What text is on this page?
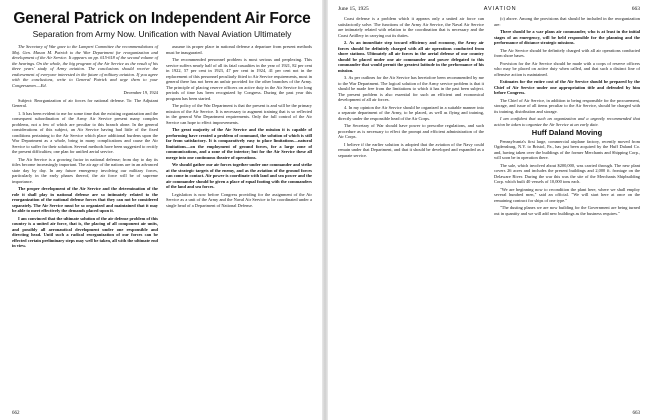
General Patrick on Independent Air Force
Separation from Army Now. Unification with Naval Aviation Ultimately

The Secretary of War gave to the Lampert Committee the recommendations of Maj. Gen. Mason M. Patrick to the War Department for reorganization and development of the Air Service. It appears on pp. 615-618 of the second volume of the hearings. On the whole, the big program of the Air Service as the result of his three years' study of Army aviation. The conclusions should receive the endorsement of everyone interested in the future of military aviation. If you agree with the conclusions, write to General Patrick and urge them to your Congressmen.—Ed.

December 19, 1924

Subject: Reorganization of air forces for national defense. To: The Adjutant General.

1. It has been evident to me for some time that the existing organization and the consequent subordination of the Army Air Service present many complex problems, not a few of which are peculiar to this branch alone. In the general considerations of this subject, an Air Service having had little of the fixed conditions pertaining to the Air Service which place additional burdens upon the War Department as a whole, bring in many complications and cause the Air Service to suffer for their solution. Several methods have been suggested to rectify the present difficulties; one plan for unified aerial service.

The Air Service is a growing factor in national defense; from day to day its titles become increasingly important. The air age of the nations are in an advanced state day by day. In any future emergency involving our military forces, particularly in the early phases thereof, the air force will be of supreme importance.

The proper development of the Air Service and the determination of the role it shall play in national defense are so intimately related to the reorganization of the national defense forces that they can not be considered separately. The Air Service must be so organized and maintained that it may be able to meet effectively the demands placed upon it.

I am convinced that the ultimate solution of the air defense problem of this country is a united air force, that is, the placing of all component air units, and possibly all aeronautical development under one responsible and directing head. Until such a radical reorganization of our forces can be effected certain preliminary steps may well be taken, all with the ultimate end in view.

assume its proper place in national defense a departure from present methods must be inaugurated.

The recommended personnel problem is most serious and perplexing. This service suffers nearly half of all its fatal casualties in the year of 1921, 82 per cent in 1922, 57 per cent in 1923, 47 per cent in 1924, 41 per cent not in the replacement of this personnel peculiarly fitted to Air Service requirements, most in general there has not been an unfair provided for the other branches of the Army. The principle of placing reserve officers on active duty in the Air Service for long periods of time has been recognized by Congress. During the past year this program has been started.

The policy of the War Department is that the present is and will be the primary mission of the Air Service. It is necessary to augment training that is so reflected in the general War Department requirements. Only the full control of the Air Service can hope to effect improvements.

The great majority of the Air Service and the mission it is capable of performing have created a problem of command, the solution of which is still far from satisfactory. It is comparatively easy to place limitations—natural limitations—on the employment of ground forces, for a large zone of communications, and a zone of the interior; but for the Air Service these all merge into one continuous theatre of operations.

We should gather our air forces together under one commander and strike at the strategic targets of the enemy, and as the aviation of the ground forces can come in contact. Air power is coordinate with land and sea power and the air commander should be given a place of equal footing with the commanders of the land and sea forces.

Legislation is now before Congress providing for the assignment of the Air Service as a unit of the Army and the Naval Air Service to be coordinated under a single head of a Department of National Defense.

662
June 15, 1925	AVIATION	663

Coast defense is a problem which it appears only a united air force can satisfactorily solve. The functions of the Army Air Service, the Naval Air Service are intimately related with relation to the coordination that is necessary and the Coast Artillery in carrying out its duties.

2. As an immediate step toward efficiency and economy, the Army air forces should be definitely charged with all air operations conducted from shore stations. Ultimately all air forces in the aerial defense of our country should be placed under one air commander and power delegated to this commander that would permit the greatest latitude in the performance of his mission.

3. As per outlines for the Air Service has heretofore been recommended by me to the War Department. The logical solution of the Army service problem is that it should be made free from the limitations to which it has in the past been subject. The present problem is also essential for such an efficient and economical development of all air forces.

4. In my opinion the Air Service should be organized in a suitable manner into a separate department of the Army, to be placed, as well as flying and training, directly under the responsible head of the Air Corps.

The Secretary of War should have power to prescribe regulations, and such procedure as is necessary to effect the prompt and efficient administration of the Air Corps.

I believe if the earlier solution is adopted that the aviation of the Navy could remain under that Department, and that it should be developed and expanded as a separate service.

(c) above. Among the provisions that should be included in the reorganization are:

There should be a war plans air commander, who is at least in the initial stages of an emergency, will be held responsible for the planning and the performance of distance strategic missions.

The Air Service should be definitely charged with all air operations conducted from shore bases.

Provision for the Air Service should be made with a corps of reserve officers who may be placed on active duty when called, and that such a distinct line of offensive action is maintained.

Estimates for the entire cost of the Air Service should be prepared by the Chief of Air Service under one appropriation title and defended by him before Congress.

The Chief of Air Service, in addition to being responsible for the procurement, storage, and issue of all items peculiar to the Air Service, should be charged with its training, distribution and storage.

I am confident that such an organization and a urgently recommended that action be taken to organize the Air Service at an early date.

Huff Daland Moving

Pennsylvania's first large, commercial airplane factory, recently moved from Ogdensburg, N.Y. to Bristol, Pa., has just been acquired by the Huff Daland Co. and, having taken over the buildings of the former Merchants and Shipping Corp., will soon be in operation there.

The sale, which involved about $200,000, was carried through. The new plant covers 26 acres and includes the present buildings and 2,000 ft. frontage on the Delaware River. During the war this was the site of the Merchants Shipbuilding Corp. which built 40 vessels of 10,000 tons each.

"We are beginning now to recondition the plant here, where we shall employ several hundred men," said an official. "We will start here at once on the remaining contract for ships of one type."

"The dusting planes we are now building for the Government are being turned out in quantity and we will add new buildings as the business requires."

663
